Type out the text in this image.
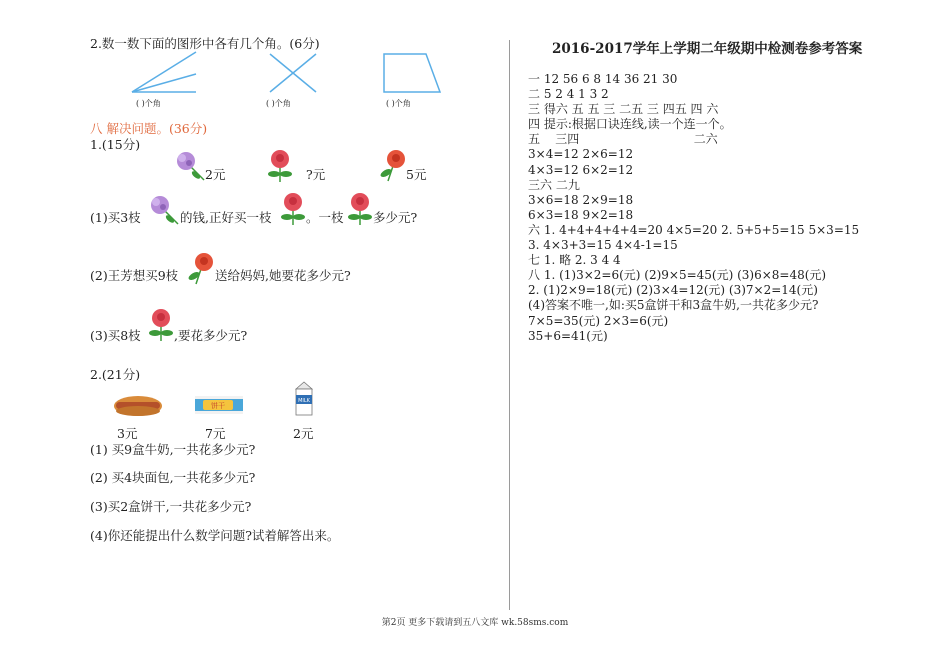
2.数一数下面的图形中各有几个角。(6分)
( )个角	( )个角	( )个角
八 解决问题。(36分)
1.(15分)
2元	?元	5元
(1)买3枝	的钱,正好买一枝	。一枝 多少元?
(2)王芳想买9枝	送给妈妈,她要花多少元?
(3)买8枝	,要花多少元?
2.(21分)
饼干
MILK
3元	7元	2元
(1) 买9盒牛奶,一共花多少元?
(2) 买4块面包,一共花多少元?
(3)买2盒饼干,一共花多少元?
(4)你还能提出什么数学问题?试着解答出来。
2016-2017学年上学期二年级期中检测卷参考答案
一 12 56 6 8 14 36 21 30
二 5 2 4 1 3 2
三 得六 五 五 三 二五 三 四五 四 六
四 提示:根据口诀连线,读一个连一个。
五    三四                              二六
3×4=12 2×6=12
4×3=12 6×2=12
三六 二九
3×6=18 2×9=18
6×3=18 9×2=18
六 1. 4+4+4+4+4=20 4×5=20 2. 5+5+5=15 5×3=15
3. 4×3+3=15 4×4-1=15
七 1. 略 2. 3 4 4
八 1. (1)3×2=6(元) (2)9×5=45(元) (3)6×8=48(元)
2. (1)2×9=18(元) (2)3×4=12(元) (3)7×2=14(元)
(4)答案不唯一,如:买5盒饼干和3盒牛奶,一共花多少元?
7×5=35(元) 2×3=6(元)
35+6=41(元)
第2页 更多下载请到五八文库 wk.58sms.com
